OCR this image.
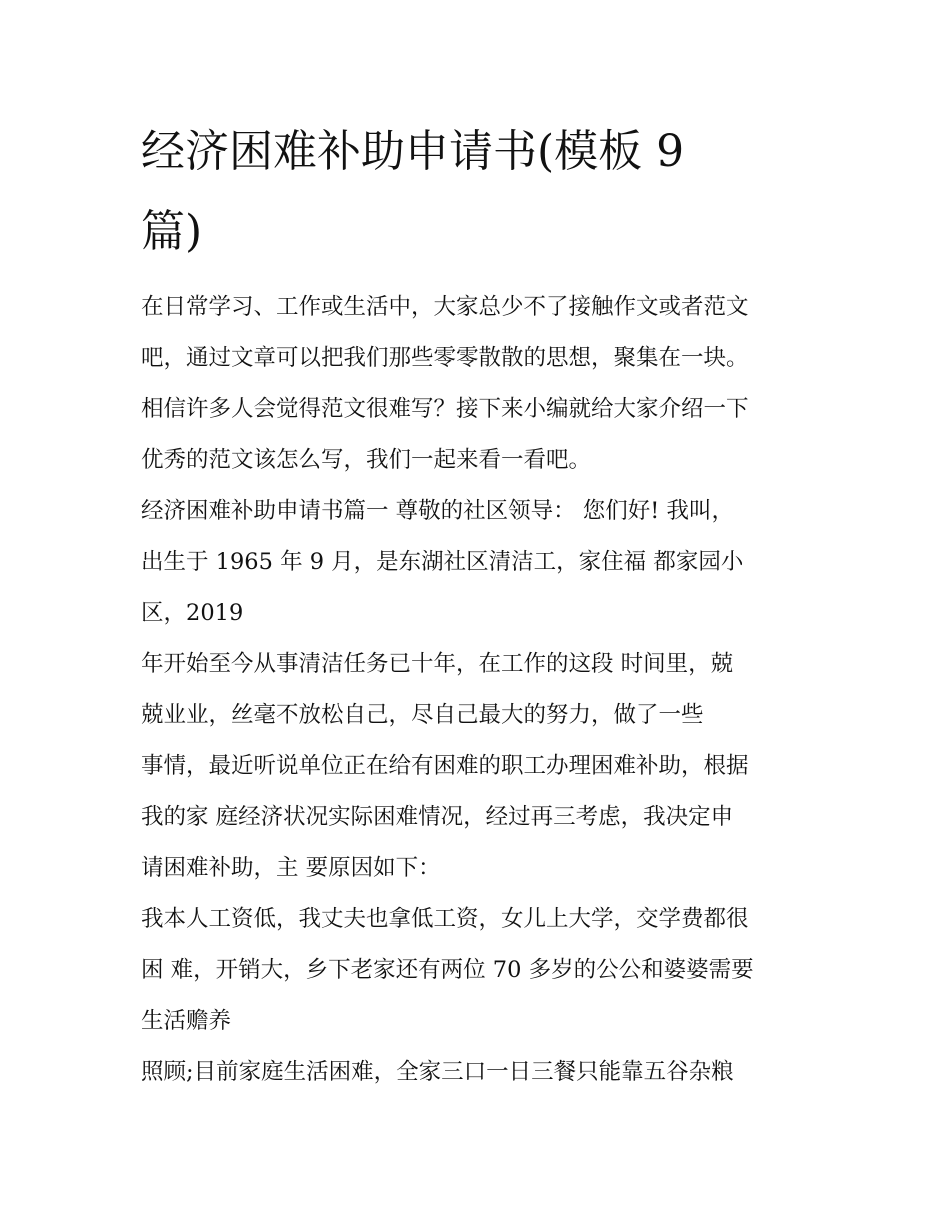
经济困难补助申请书(模板 9
篇)

在日常学习、工作或生活中，大家总少不了接触作文或者范文

吧，通过文章可以把我们那些零零散散的思想，聚集在一块。

相信许多人会觉得范文很难写？接下来小编就给大家介绍一下

优秀的范文该怎么写，我们一起来看一看吧。

经济困难补助申请书篇一 尊敬的社区领导： 您们好! 我叫，

出生于 1965 年 9 月，是东湖社区清洁工，家住福 都家园小

区，2019

年开始至今从事清洁任务已十年，在工作的这段 时间里，兢

兢业业，丝毫不放松自己，尽自己最大的努力，做了一些

事情，最近听说单位正在给有困难的职工办理困难补助，根据

我的家 庭经济状况实际困难情况，经过再三考虑，我决定申

请困难补助，主 要原因如下：

我本人工资低，我丈夫也拿低工资，女儿上大学，交学费都很

困 难，开销大，乡下老家还有两位 70 多岁的公公和婆婆需要

生活赡养

照顾;目前家庭生活困难，全家三口一日三餐只能靠五谷杂粮
